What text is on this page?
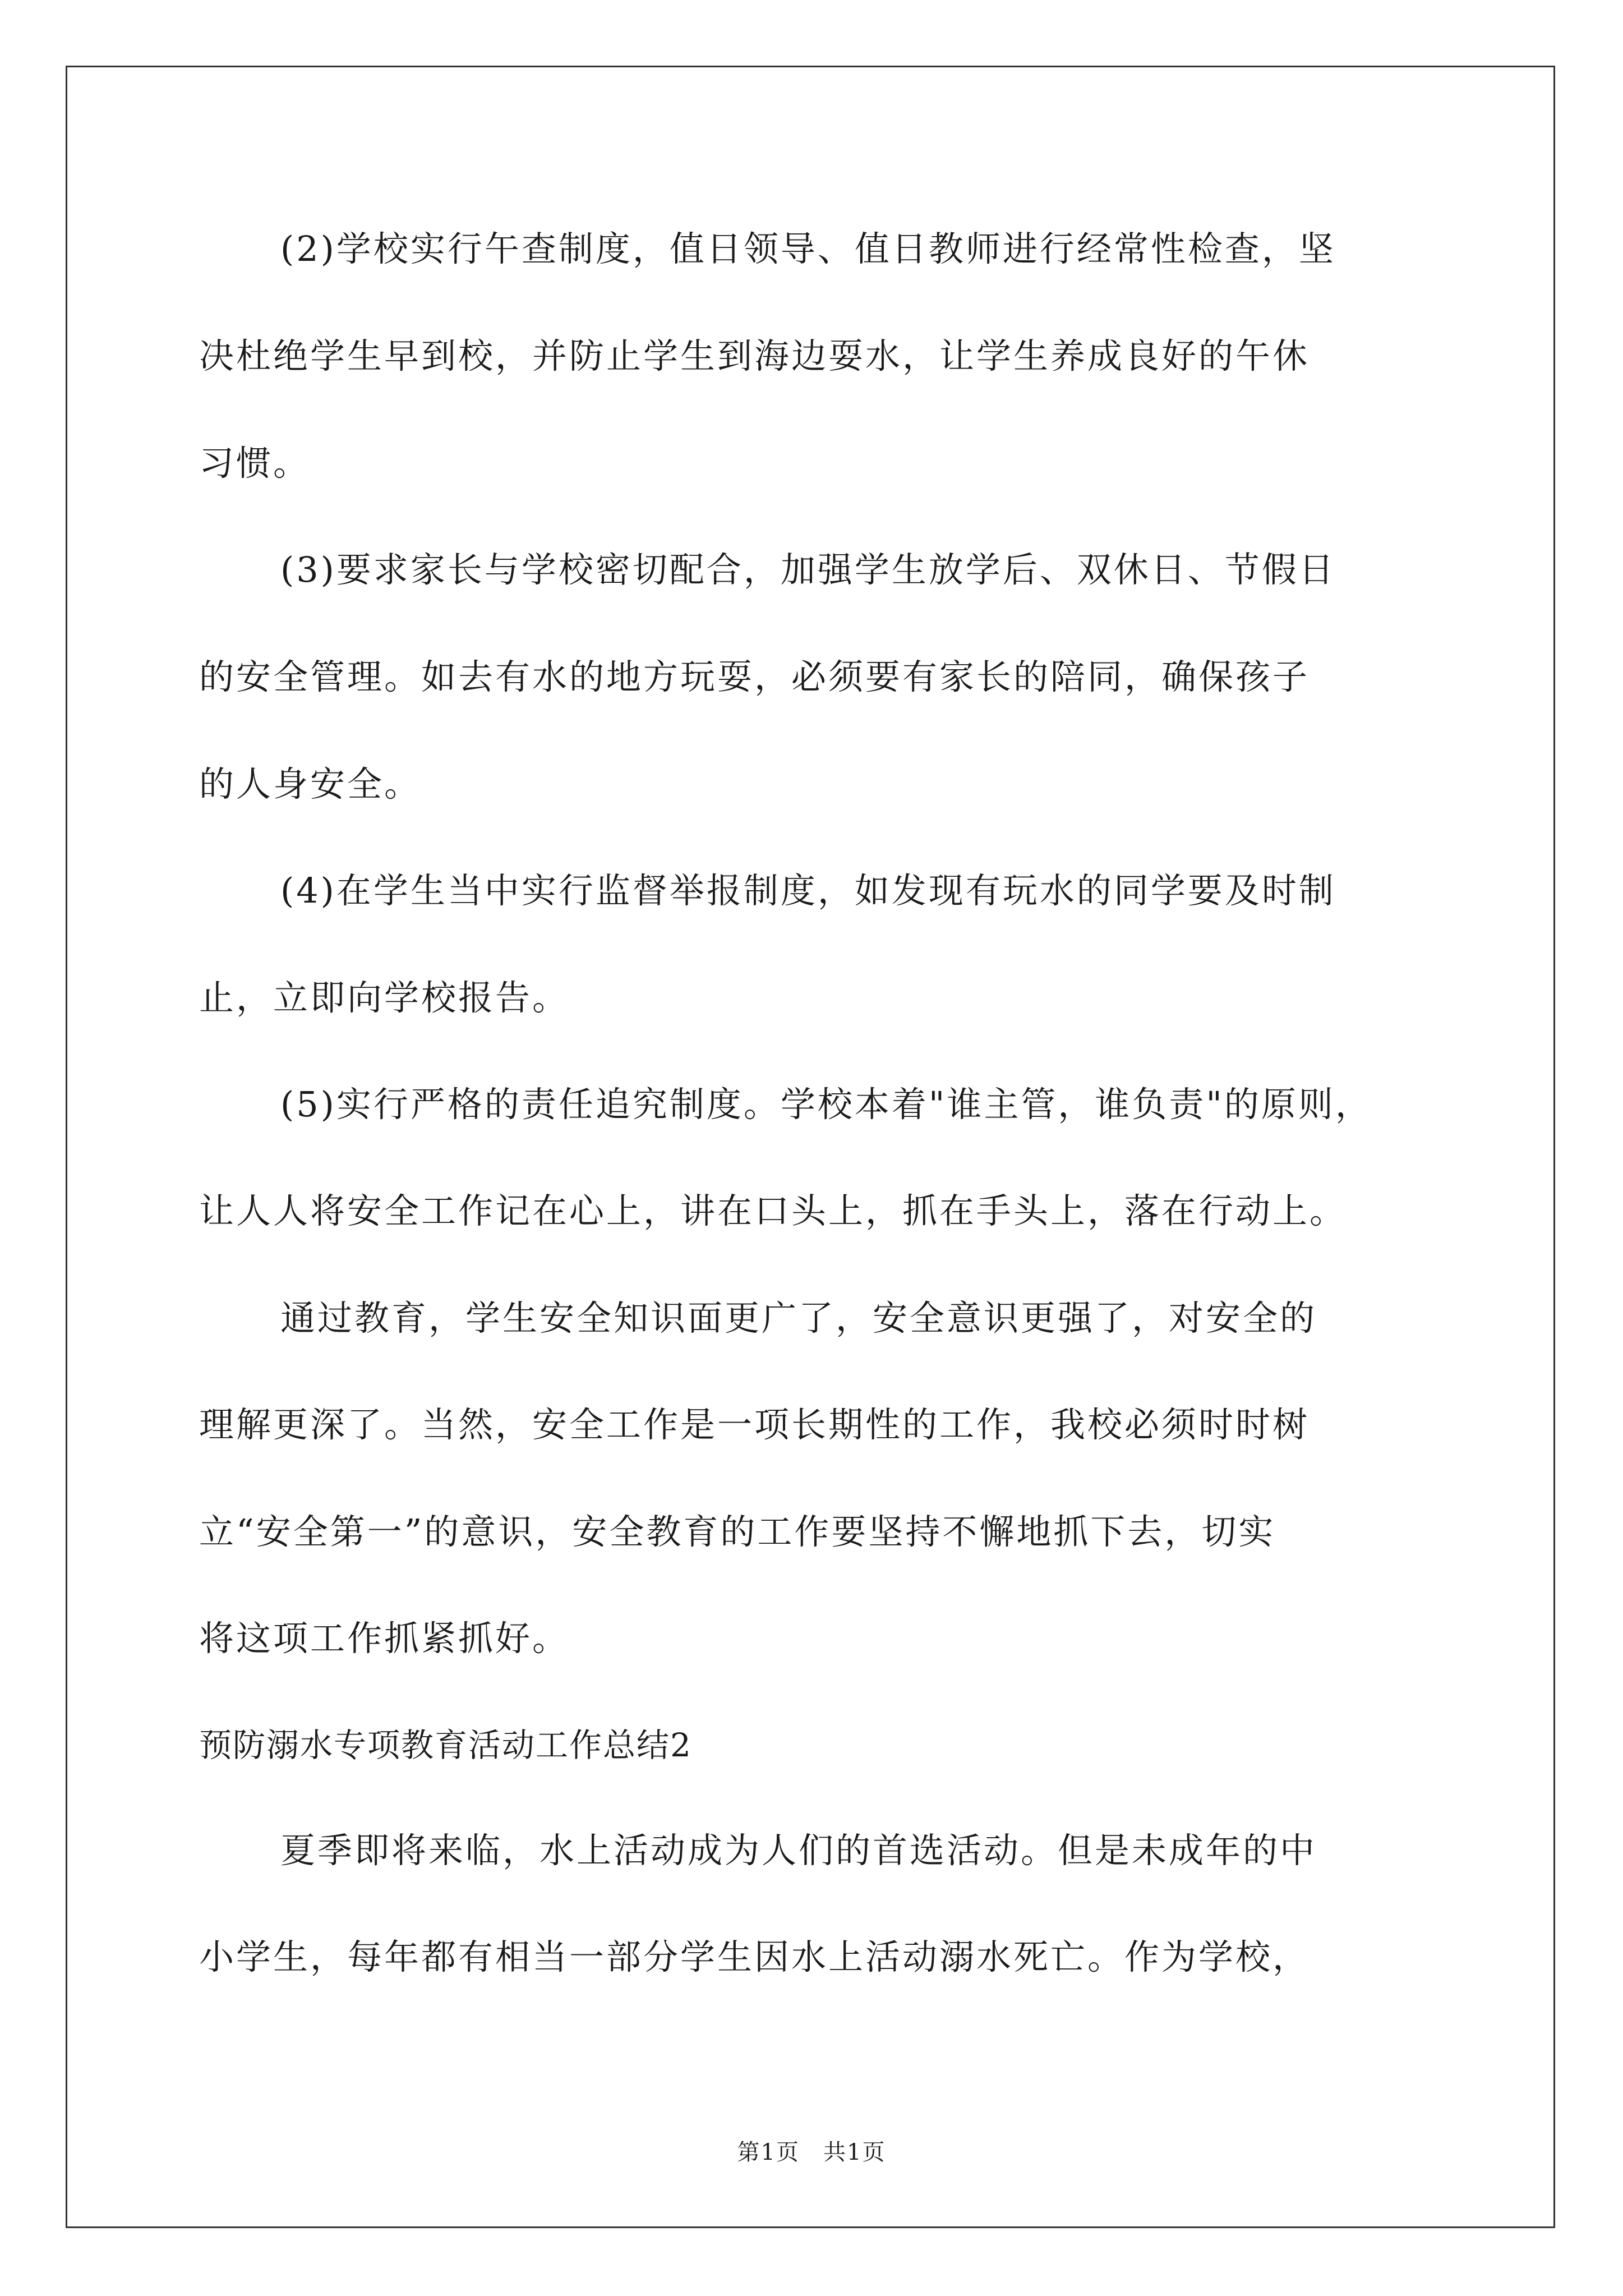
(2)学校实行午查制度，值日领导、值日教师进行经常性检查，坚
决杜绝学生早到校，并防止学生到海边耍水，让学生养成良好的午休
习惯。
(3)要求家长与学校密切配合，加强学生放学后、双休日、节假日
的安全管理。如去有水的地方玩耍，必须要有家长的陪同，确保孩子
的人身安全。
(4)在学生当中实行监督举报制度，如发现有玩水的同学要及时制
止，立即向学校报告。
(5)实行严格的责任追究制度。学校本着"谁主管，谁负责"的原则，
让人人将安全工作记在心上，讲在口头上，抓在手头上，落在行动上。
通过教育，学生安全知识面更广了，安全意识更强了，对安全的
理解更深了。当然，安全工作是一项长期性的工作，我校必须时时树
立“安全第一”的意识，安全教育的工作要坚持不懈地抓下去，切实
将这项工作抓紧抓好。
预防溺水专项教育活动工作总结2
夏季即将来临，水上活动成为人们的首选活动。但是未成年的中
小学生，每年都有相当一部分学生因水上活动溺水死亡。作为学校，
第1页　共1页
